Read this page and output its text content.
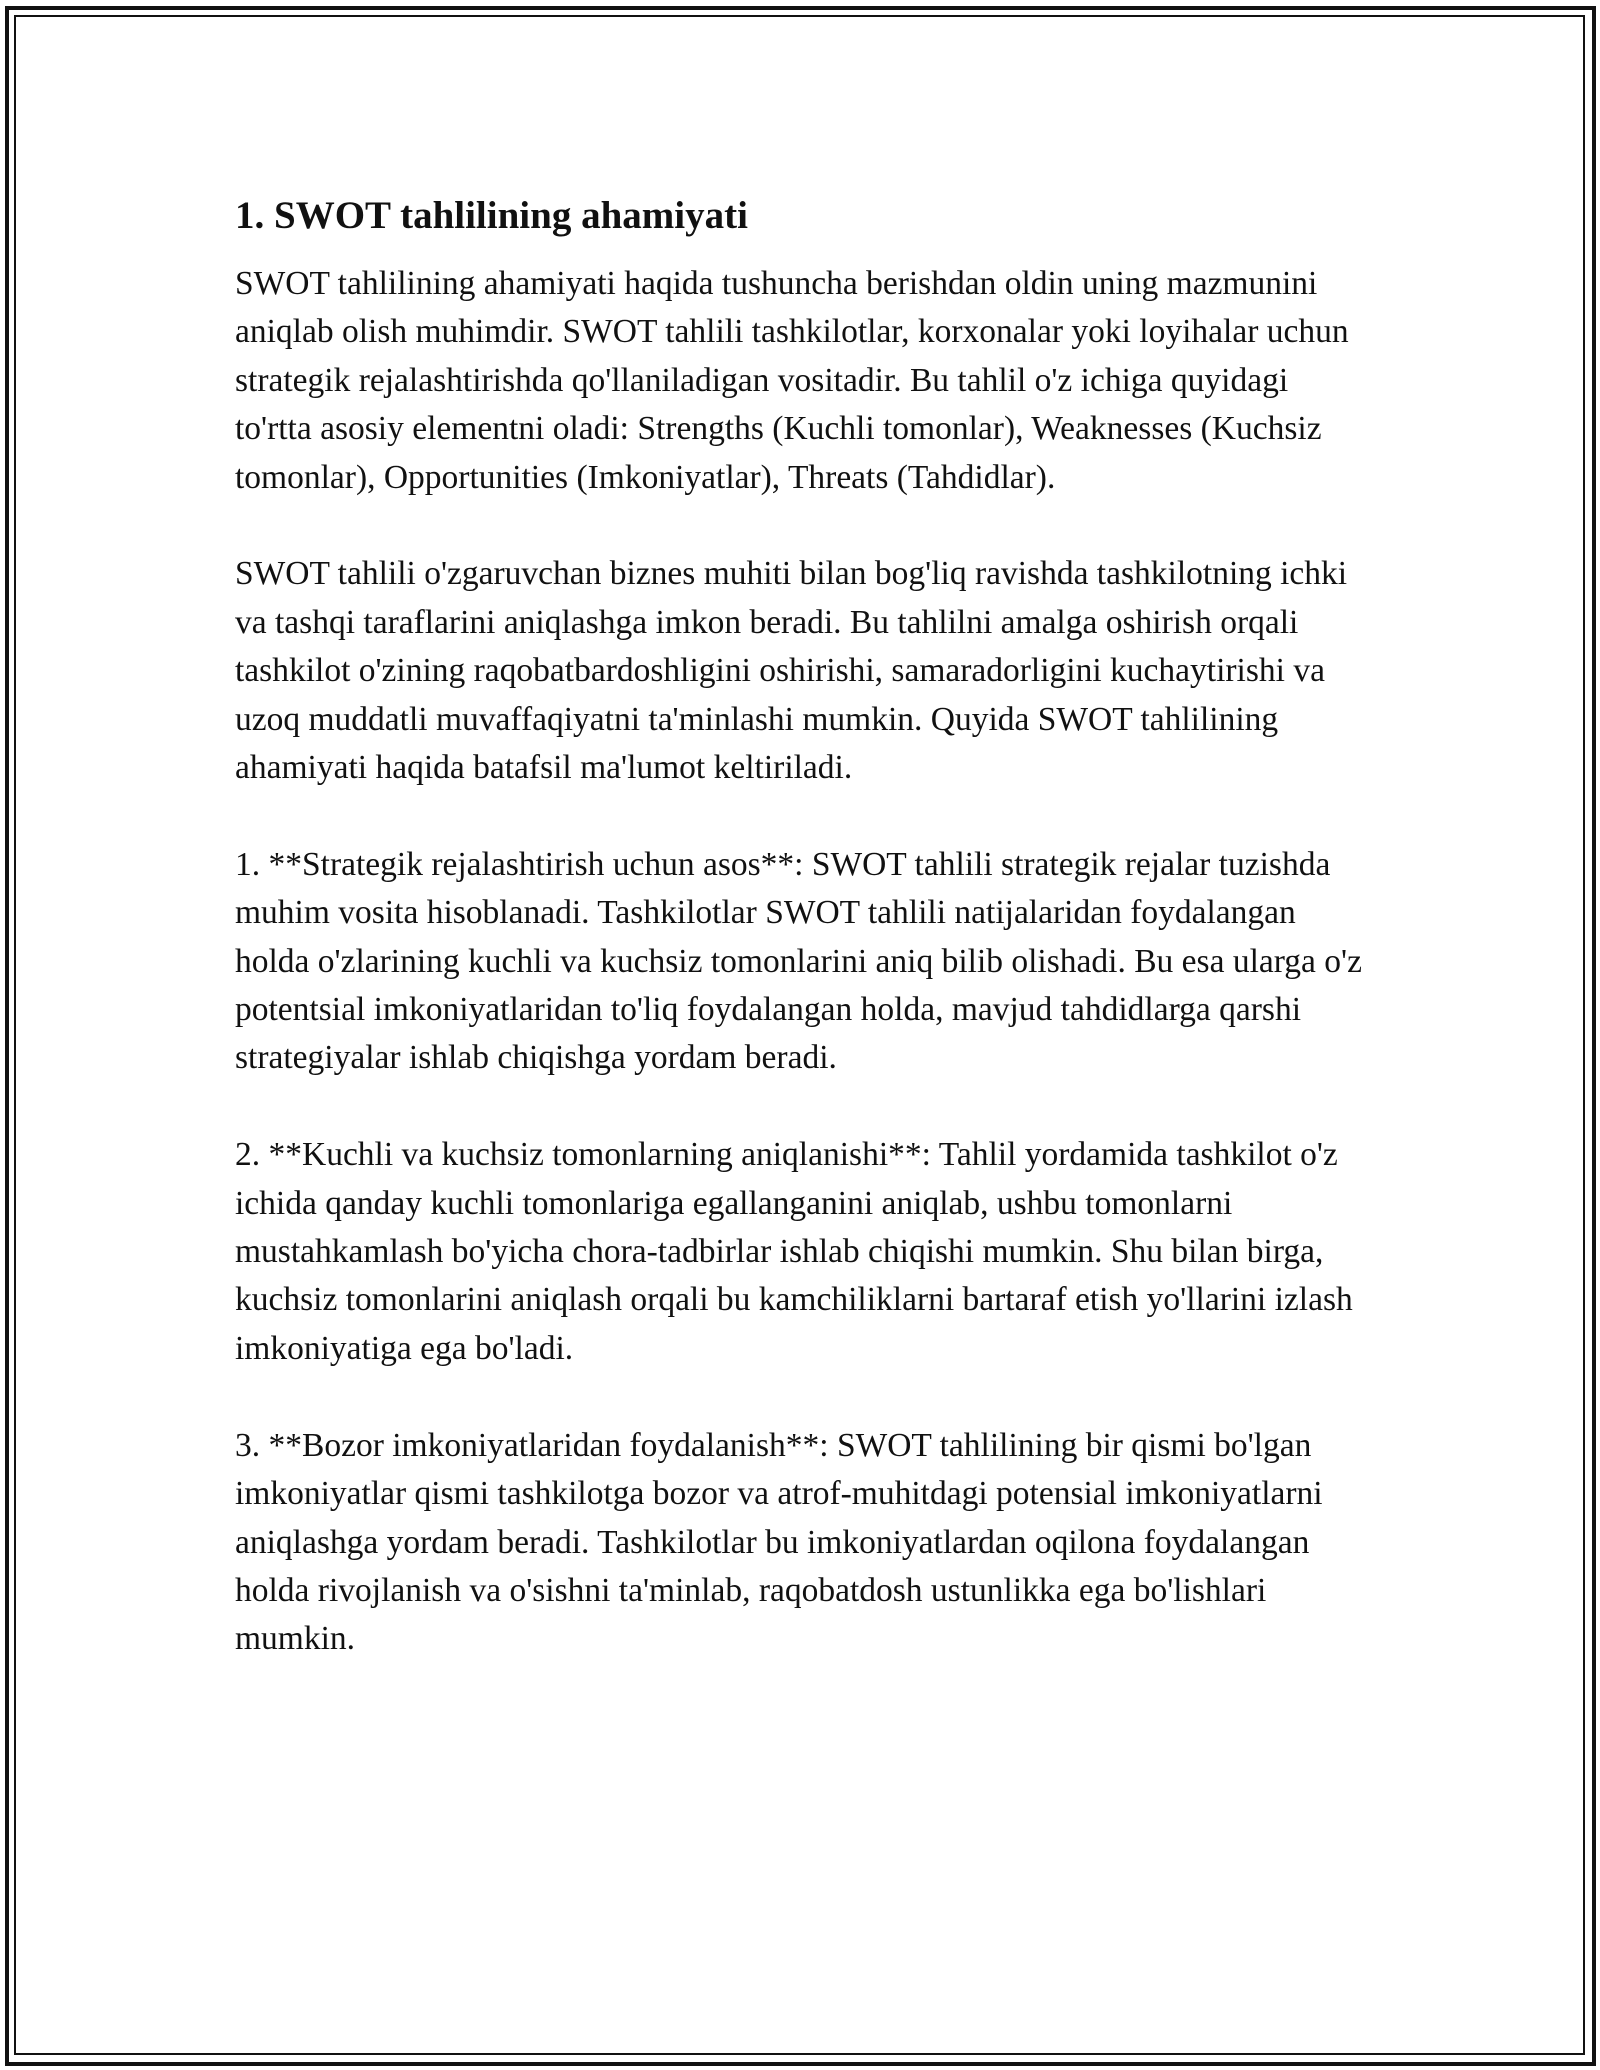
1. SWOT tahlilining ahamiyati

SWOT tahlilining ahamiyati haqida tushuncha berishdan oldin uning mazmunini aniqlab olish muhimdir. SWOT tahlili tashkilotlar, korxonalar yoki loyihalar uchun strategik rejalashtirishda qo'llaniladigan vositadir. Bu tahlil o'z ichiga quyidagi to'rtta asosiy elementni oladi: Strengths (Kuchli tomonlar), Weaknesses (Kuchsiz tomonlar), Opportunities (Imkoniyatlar), Threats (Tahdidlar).

SWOT tahlili o'zgaruvchan biznes muhiti bilan bog'liq ravishda tashkilotning ichki va tashqi taraflarini aniqlashga imkon beradi. Bu tahlilni amalga oshirish orqali tashkilot o'zining raqobatbardoshligini oshirishi, samaradorligini kuchaytirishi va uzoq muddatli muvaffaqiyatni ta'minlashi mumkin. Quyida SWOT tahlilining ahamiyati haqida batafsil ma'lumot keltiriladi.

1. **Strategik rejalashtirish uchun asos**: SWOT tahlili strategik rejalar tuzishda muhim vosita hisoblanadi. Tashkilotlar SWOT tahlili natijalaridan foydalangan holda o'zlarining kuchli va kuchsiz tomonlarini aniq bilib olishadi. Bu esa ularga o'z potentsial imkoniyatlaridan to'liq foydalangan holda, mavjud tahdidlarga qarshi strategiyalar ishlab chiqishga yordam beradi.

2. **Kuchli va kuchsiz tomonlarning aniqlanishi**: Tahlil yordamida tashkilot o'z ichida qanday kuchli tomonlariga egallanganini aniqlab, ushbu tomonlarni mustahkamlash bo'yicha chora-tadbirlar ishlab chiqishi mumkin. Shu bilan birga, kuchsiz tomonlarini aniqlash orqali bu kamchiliklarni bartaraf etish yo'llarini izlash imkoniyatiga ega bo'ladi.

3. **Bozor imkoniyatlaridan foydalanish**: SWOT tahlilining bir qismi bo'lgan imkoniyatlar qismi tashkilotga bozor va atrof-muhitdagi potensial imkoniyatlarni aniqlashga yordam beradi. Tashkilotlar bu imkoniyatlardan oqilona foydalangan holda rivojlanish va o'sishni ta'minlab, raqobatdosh ustunlikka ega bo'lishlari mumkin.
